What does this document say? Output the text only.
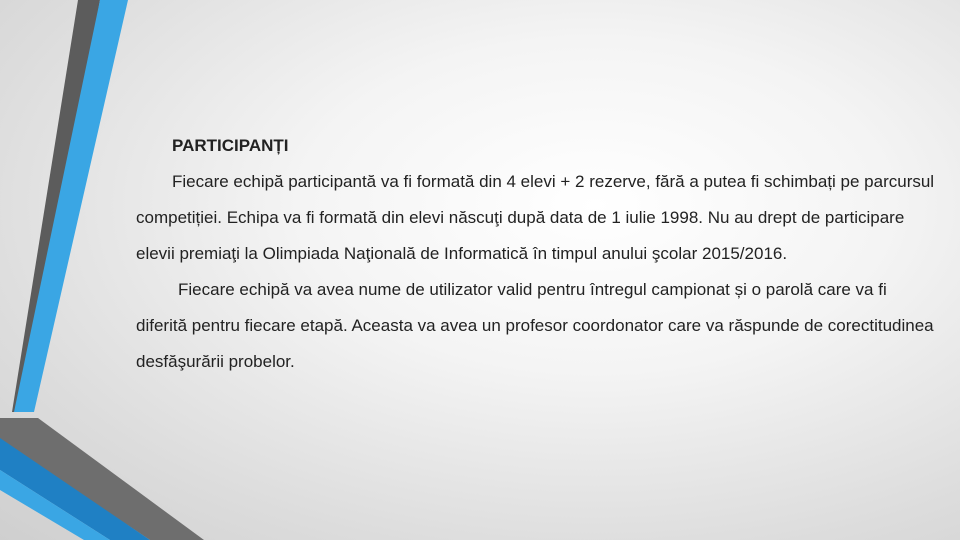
PARTICIPANȚI

Fiecare echipă participantă va fi formată din 4 elevi + 2 rezerve, fără a putea fi schimbați pe parcursul competiției. Echipa va fi formată din elevi născuţi după data de 1 iulie 1998. Nu au drept de participare elevii premiaţi la Olimpiada Naţională de Informatică în timpul anului şcolar 2015/2016.

Fiecare echipă va avea nume de utilizator valid pentru întregul campionat și o parolă care va fi diferită pentru fiecare etapă. Aceasta va avea un profesor coordonator care va răspunde de corectitudinea desfăşurării probelor.
